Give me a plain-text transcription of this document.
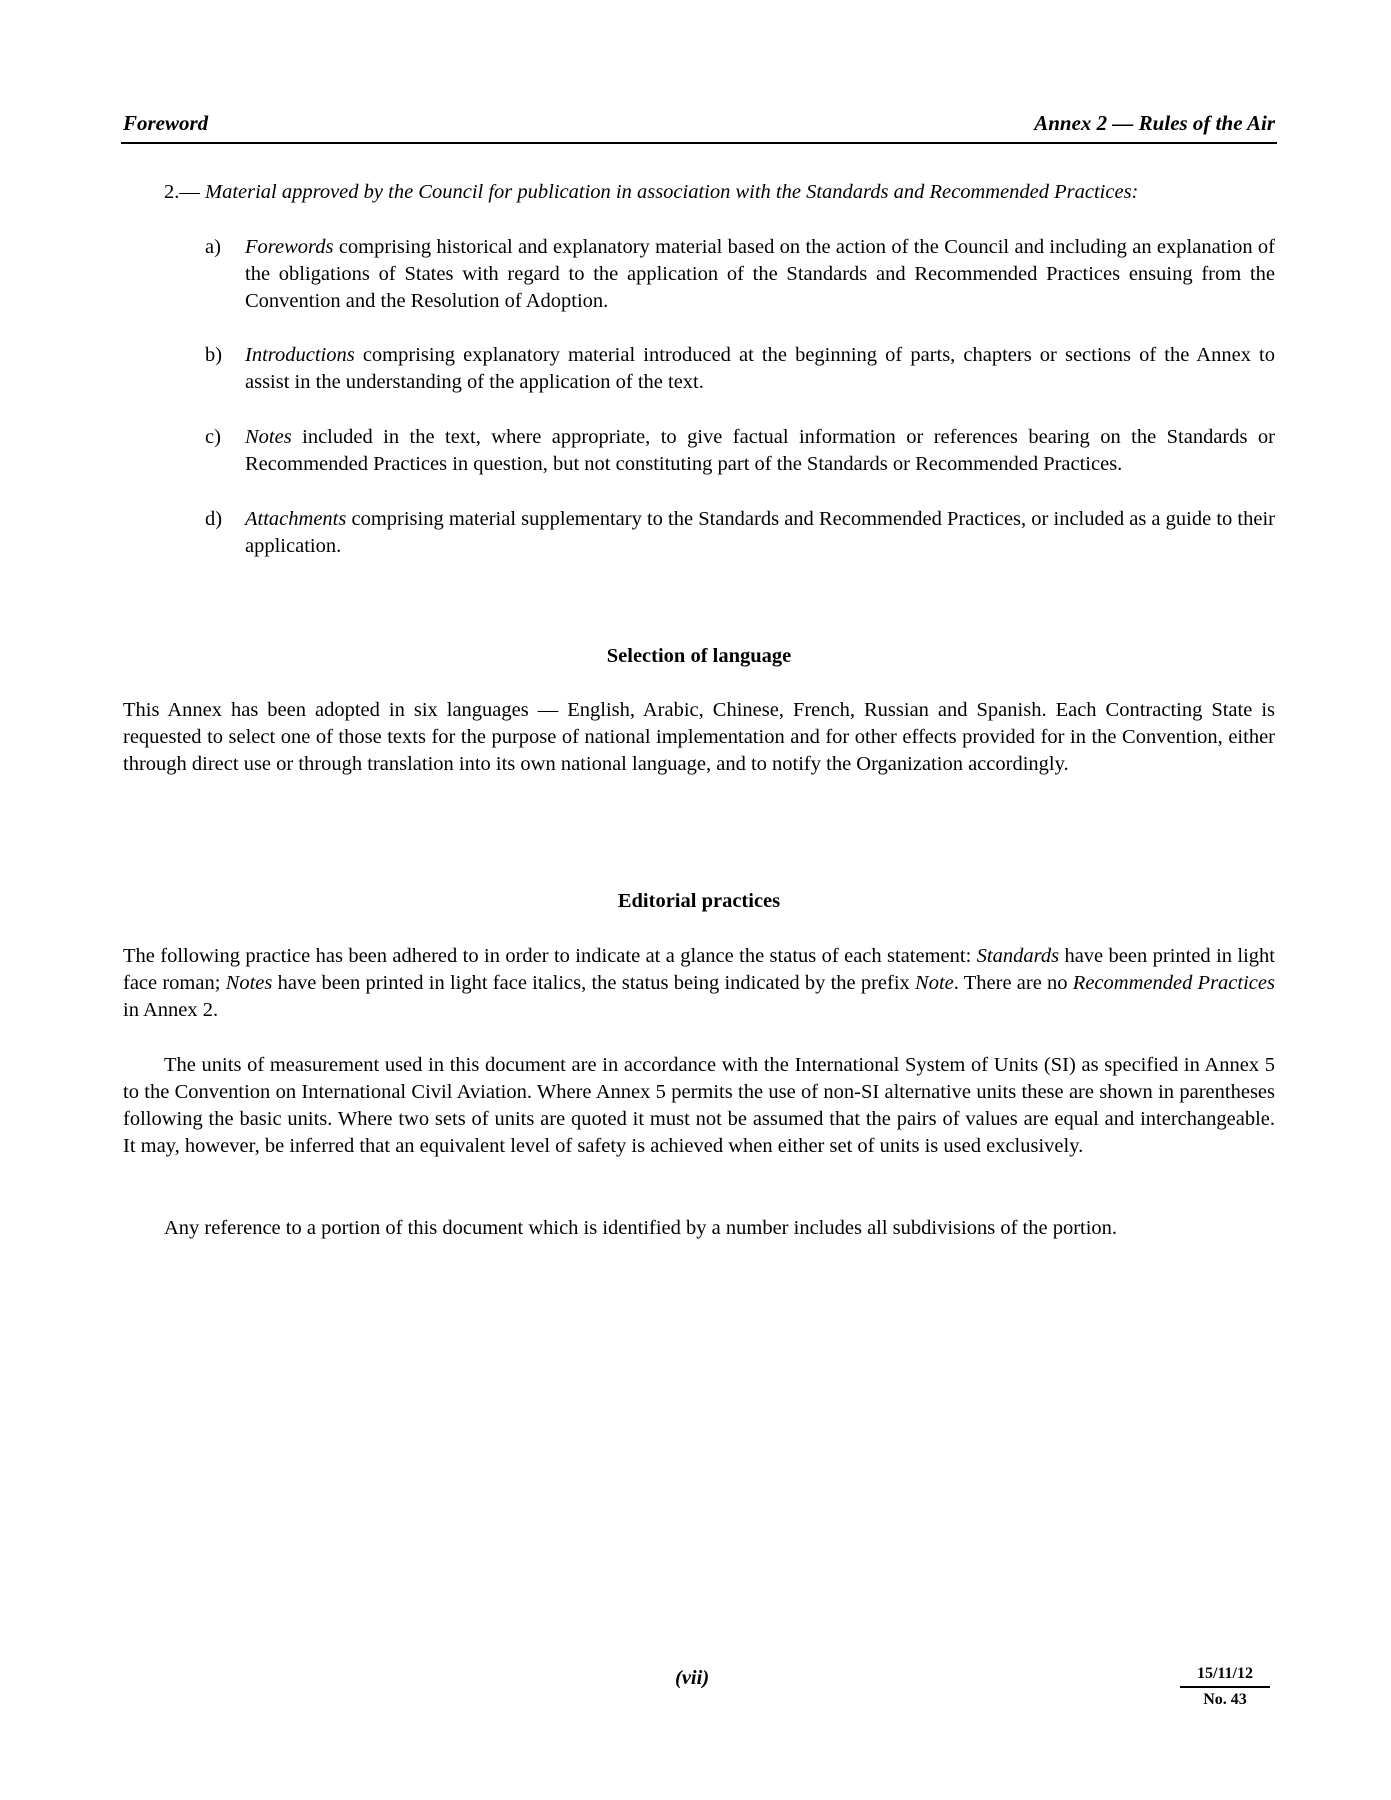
Foreword	Annex 2 — Rules of the Air
2.— Material approved by the Council for publication in association with the Standards and Recommended Practices:
a) Forewords comprising historical and explanatory material based on the action of the Council and including an explanation of the obligations of States with regard to the application of the Standards and Recommended Practices ensuing from the Convention and the Resolution of Adoption.
b) Introductions comprising explanatory material introduced at the beginning of parts, chapters or sections of the Annex to assist in the understanding of the application of the text.
c) Notes included in the text, where appropriate, to give factual information or references bearing on the Standards or Recommended Practices in question, but not constituting part of the Standards or Recommended Practices.
d) Attachments comprising material supplementary to the Standards and Recommended Practices, or included as a guide to their application.
Selection of language
This Annex has been adopted in six languages — English, Arabic, Chinese, French, Russian and Spanish. Each Contracting State is requested to select one of those texts for the purpose of national implementation and for other effects provided for in the Convention, either through direct use or through translation into its own national language, and to notify the Organization accordingly.
Editorial practices
The following practice has been adhered to in order to indicate at a glance the status of each statement: Standards have been printed in light face roman; Notes have been printed in light face italics, the status being indicated by the prefix Note. There are no Recommended Practices in Annex 2.
The units of measurement used in this document are in accordance with the International System of Units (SI) as specified in Annex 5 to the Convention on International Civil Aviation. Where Annex 5 permits the use of non-SI alternative units these are shown in parentheses following the basic units. Where two sets of units are quoted it must not be assumed that the pairs of values are equal and interchangeable. It may, however, be inferred that an equivalent level of safety is achieved when either set of units is used exclusively.
Any reference to a portion of this document which is identified by a number includes all subdivisions of the portion.
(vii)	15/11/12
No. 43
